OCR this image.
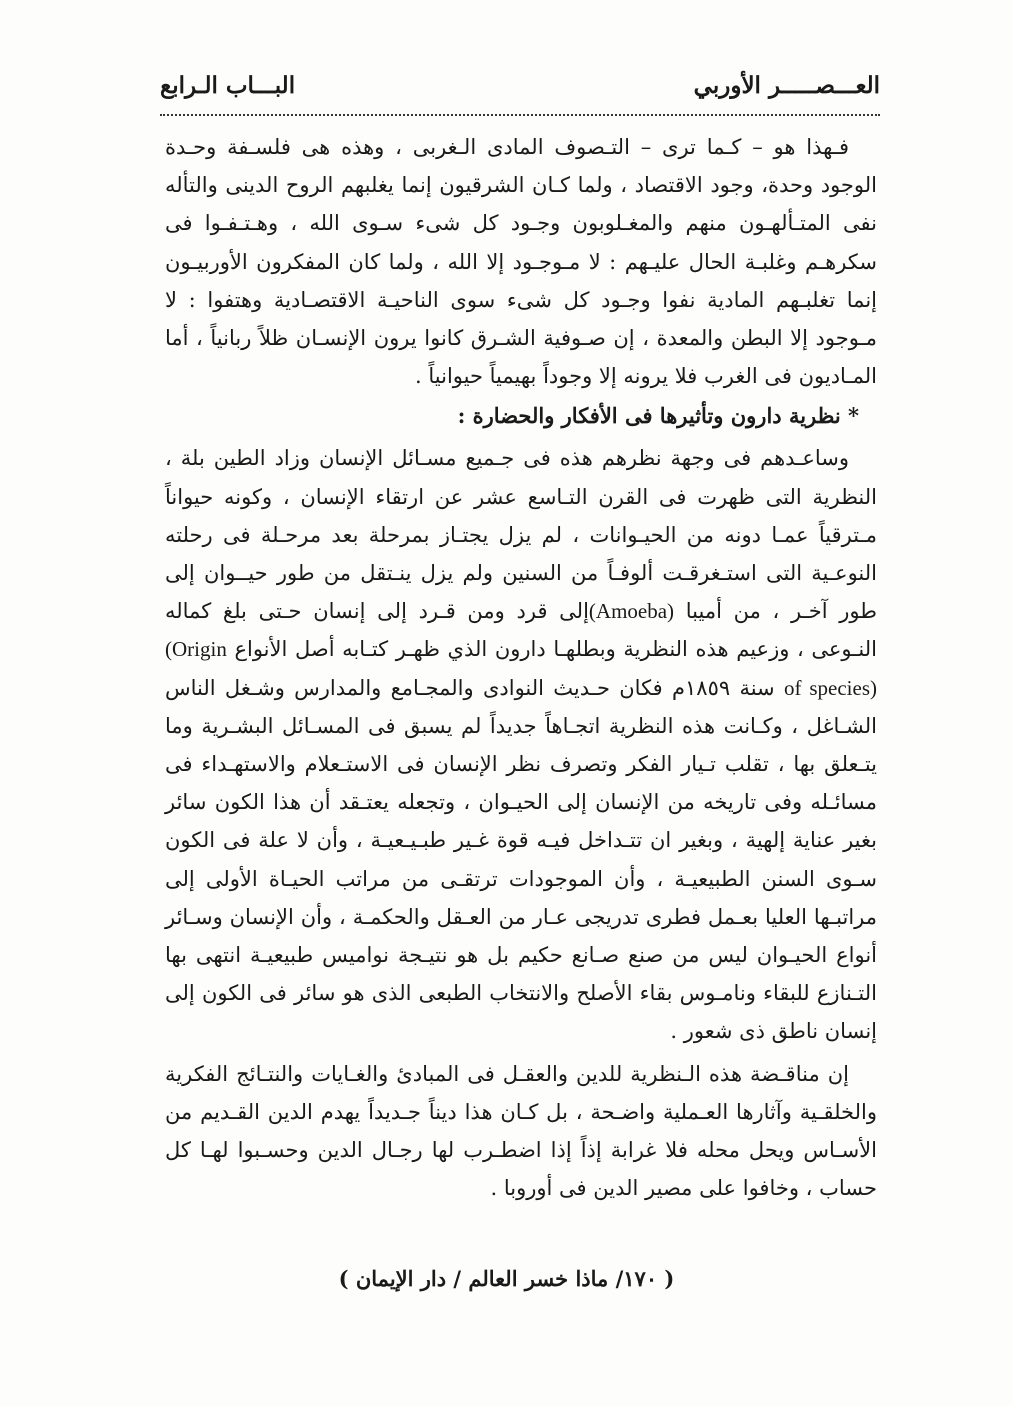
العـــصـــــر الأوربي
البـــاب الـرابع

فـهذا هو – كـما ترى – التـصوف المادى الـغربى ، وهذه هى فلسـفة وحـدة الوجود وحدة، وجود الاقتصاد ، ولما كـان الشرقيون إنما يغلبهم الروح الدينى والتأله نفى المتـألهـون منهم والمغـلوبون وجـود كل شىء سـوى الله ، وهـتـفـوا فى سكرهـم وغلبـة الحال عليـهم : لا مـوجـود إلا الله ، ولما كان المفكرون الأوربيـون إنما تغلبـهم المادية نفوا وجـود كل شىء سوى الناحيـة الاقتصـادية وهتفوا : لا مـوجود إلا البطن والمعدة ، إن صـوفية الشـرق كانوا يرون الإنسـان ظلاً ربانياً ، أما المـاديون فى الغرب فلا يرونه إلا وجوداً بهيمياً حيوانياً .

* نظرية دارون وتأثيرها فى الأفكار والحضارة :

وساعـدهم فى وجهة نظرهم هذه فى جـميع مسـائل الإنسان وزاد الطين بلة ، النظرية التى ظهرت فى القرن التـاسع عشر عن ارتقاء الإنسان ، وكونه حيواناً مـترقياً عمـا دونه من الحيـوانات ، لم يزل يجتـاز بمرحلة بعد مرحـلة فى رحلته النوعـية التى استـغرقـت ألوفـاً من السنين ولم يزل ينـتقل من طور حيــوان إلى طور آخـر ، من أميبا (Amoeba)إلى قرد ومن قـرد إلى إنسان حـتى بلغ كماله النـوعى ، وزعيم هذه النظرية وبطلهـا دارون الذي ظهـر كتـابه أصل الأنواع (Origin of species) سنة ١٨٥٩م فكان حـديث النوادى والمجـامع والمدارس وشـغل الناس الشـاغل ، وكـانت هذه النظرية اتجـاهاً جديداً لم يسبق فى المسـائل البشـرية وما يتـعلق بها ، تقلب تـيار الفكر وتصرف نظر الإنسان فى الاستـعلام والاستهـداء فى مسائـله وفى تاريخه من الإنسان إلى الحيـوان ، وتجعله يعتـقد أن هذا الكون سائر بغير عناية إلهية ، وبغير ان تتـداخل فيـه قوة غـير طبـيـعيـة ، وأن لا علة فى الكون سـوى السنن الطبيعيـة ، وأن الموجودات ترتقـى من مراتب الحيـاة الأولى إلى مراتبـها العليا بعـمل فطرى تدريجى عـار من العـقل والحكمـة ، وأن الإنسان وسـائر أنواع الحيـوان ليس من صنع صـانع حكيم بل هو نتيـجة نواميس طبيعيـة انتهى بها التـنازع للبقاء ونامـوس بقاء الأصلح والانتخاب الطبعى الذى هو سائر فى الكون إلى إنسان ناطق ذى شعور .

إن مناقـضة هذه الـنظرية للدين والعقـل فى المبادئ والغـايات والنتـائج الفكرية والخلقـية وآثارها العـملية واضـحة ، بل كـان هذا ديناً جـديداً يهدم الدين القـديم من الأسـاس ويحل محله فلا غرابة إذاً إذا اضطـرب لها رجـال الدين وحسـبوا لهـا كل حساب ، وخافوا على مصير الدين فى أوروبا .

( ١٧٠/ ماذا خسر العالم / دار الإيمان )
